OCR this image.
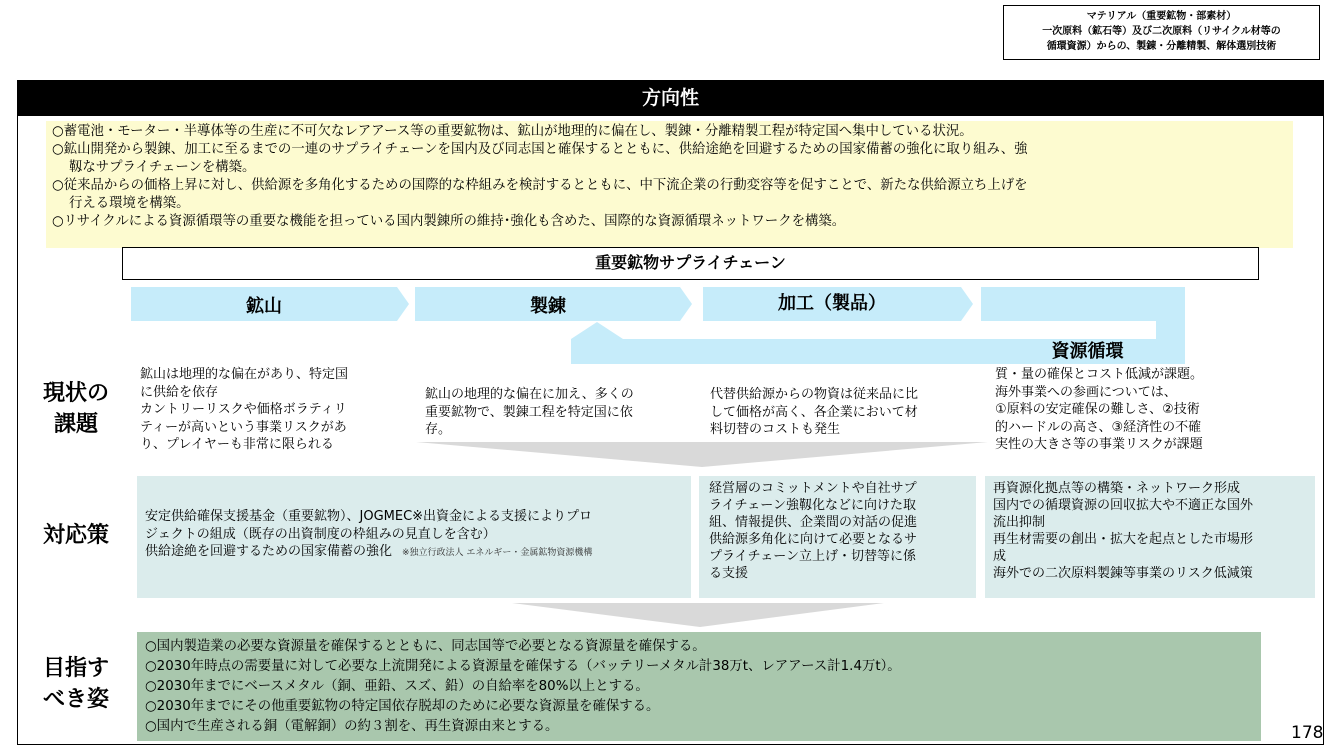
マテリアル（重要鉱物・部素材）
一次原料（鉱石等）及び二次原料（リサイクル材等の
循環資源）からの、製錬・分離精製、解体選別技術
方向性
○蓄電池・モーター・半導体等の生産に不可欠なレアアース等の重要鉱物は、鉱山が地理的に偏在し、製錬・分離精製工程が特定国へ集中している状況。
○鉱山開発から製錬、加工に至るまでの一連のサプライチェーンを国内及び同志国と確保するとともに、供給途絶を回避するための国家備蓄の強化に取り組み、強
靱なサプライチェーンを構築。
○従来品からの価格上昇に対し、供給源を多角化するための国際的な枠組みを検討するとともに、中下流企業の行動変容等を促すことで、新たな供給源立ち上げを
行える環境を構築。
○リサイクルによる資源循環等の重要な機能を担っている国内製錬所の維持･強化も含めた、国際的な資源循環ネットワークを構築。
重要鉱物サプライチェーン
鉱山	製錬	加工（製品）
資源循環
現状の
課題
対応策
目指す
べき姿
鉱山は地理的な偏在があり、特定国
に供給を依存
カントリーリスクや価格ボラティリ
ティーが高いという事業リスクがあ
り、プレイヤーも非常に限られる
鉱山の地理的な偏在に加え、多くの
重要鉱物で、製錬工程を特定国に依
存。
代替供給源からの物資は従来品に比
して価格が高く、各企業において材
料切替のコストも発生
質・量の確保とコスト低減が課題。
海外事業への参画については、
①原料の安定確保の難しさ、②技術
的ハードルの高さ、③経済性の不確
実性の大きさ等の事業リスクが課題
安定供給確保支援基金（重要鉱物）、JOGMEC※出資金による支援によりプロ
ジェクトの組成（既存の出資制度の枠組みの見直しを含む）
供給途絶を回避するための国家備蓄の強化 ※独立行政法人 エネルギー・金属鉱物資源機構
経営層のコミットメントや自社サプ
ライチェーン強靱化などに向けた取
組、情報提供、企業間の対話の促進
供給源多角化に向けて必要となるサ
プライチェーン立上げ・切替等に係
る支援
再資源化拠点等の構築・ネットワーク形成
国内での循環資源の回収拡大や不適正な国外
流出抑制
再生材需要の創出・拡大を起点とした市場形
成
海外での二次原料製錬等事業のリスク低減策
○国内製造業の必要な資源量を確保するとともに、同志国等で必要となる資源量を確保する。
○2030年時点の需要量に対して必要な上流開発による資源量を確保する（バッテリーメタル計38万t、レアアース計1.4万t）。
○2030年までにベースメタル（銅、亜鉛、スズ、鉛）の自給率を80%以上とする。
○2030年までにその他重要鉱物の特定国依存脱却のために必要な資源量を確保する。
○国内で生産される銅（電解銅）の約３割を、再生資源由来とする。	178
